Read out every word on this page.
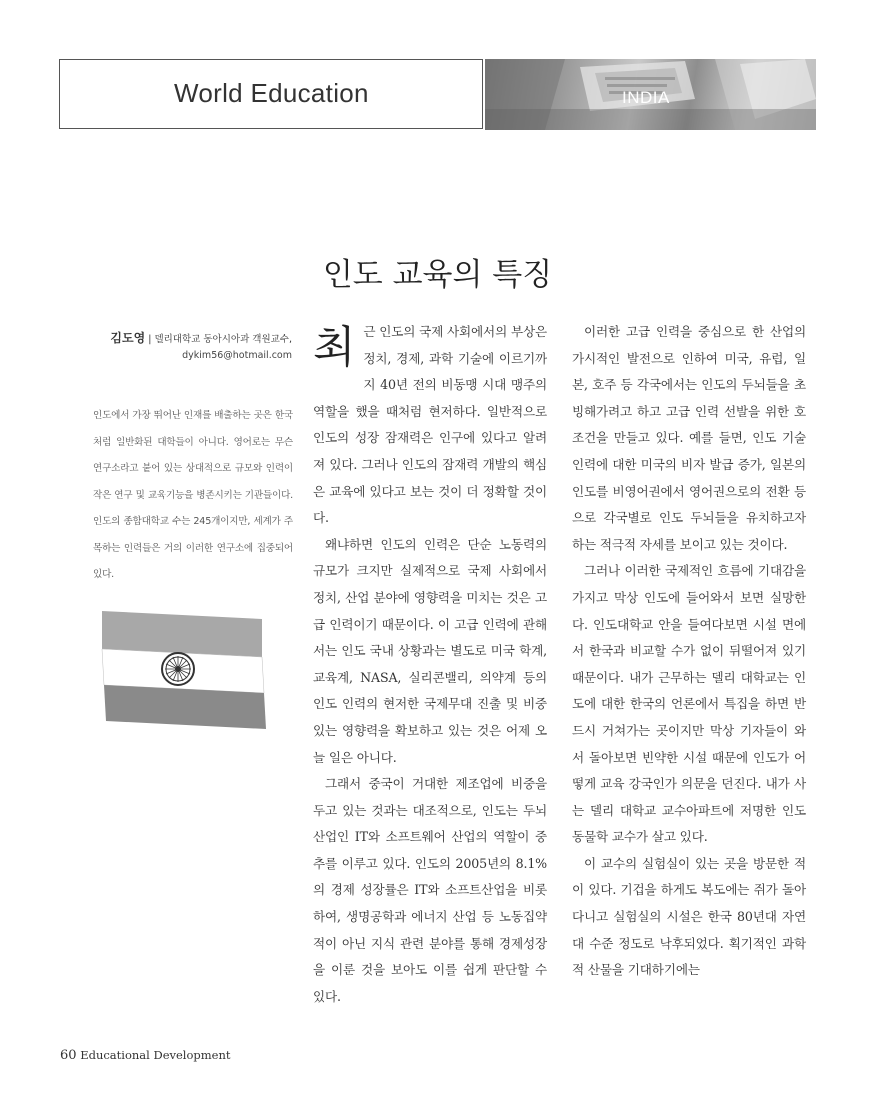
World Education	INDIA
인도 교육의 특징
김도영 | 델리대학교 동아시아과 객원교수,
dykim56@hotmail.com
인도에서 가장 뛰어난 인재를 배출하는 곳은 한국처럼 일반화된 대학들이 아니다. 영어로는 무슨 연구소라고 붙어 있는 상대적으로 규모와 인력이 작은 연구 및 교육기능을 병존시키는 기관들이다. 인도의 종합대학교 수는 245개이지만, 세계가 주목하는 인력들은 거의 이러한 연구소에 집중되어 있다.
최 근 인도의 국제 사회에서의 부상은 정치, 경제, 과학 기술에 이르기까지 40년 전의 비동맹 시대 맹주의 역할을 했을 때처럼 현저하다. 일반적으로 인도의 성장 잠재력은 인구에 있다고 알려져 있다. 그러나 인도의 잠재력 개발의 핵심은 교육에 있다고 보는 것이 더 정확할 것이다.

왜냐하면 인도의 인력은 단순 노동력의 규모가 크지만 실제적으로 국제 사회에서 정치, 산업 분야에 영향력을 미치는 것은 고급 인력이기 때문이다. 이 고급 인력에 관해서는 인도 국내 상황과는 별도로 미국 학계, 교육계, NASA, 실리콘밸리, 의약계 등의 인도 인력의 현저한 국제무대 진출 및 비중 있는 영향력을 확보하고 있는 것은 어제 오늘 일은 아니다.

그래서 중국이 거대한 제조업에 비중을 두고 있는 것과는 대조적으로, 인도는 두뇌산업인 IT와 소프트웨어 산업의 역할이 중추를 이루고 있다. 인도의 2005년의 8.1%의 경제 성장률은 IT와 소프트산업을 비롯하여, 생명공학과 에너지 산업 등 노동집약적이 아닌 지식 관련 분야를 통해 경제성장을 이룬 것을 보아도 이를 쉽게 판단할 수 있다.

이러한 고급 인력을 중심으로 한 산업의 가시적인 발전으로 인하여 미국, 유럽, 일본, 호주 등 각국에서는 인도의 두뇌들을 초빙해가려고 하고 고급 인력 선발을 위한 호조건을 만들고 있다. 예를 들면, 인도 기술 인력에 대한 미국의 비자 발급 증가, 일본의 인도를 비영어권에서 영어권으로의 전환 등으로 각국별로 인도 두뇌들을 유치하고자 하는 적극적 자세를 보이고 있는 것이다.

그러나 이러한 국제적인 흐름에 기대감을 가지고 막상 인도에 들어와서 보면 실망한다. 인도대학교 안을 들여다보면 시설 면에서 한국과 비교할 수가 없이 뒤떨어져 있기 때문이다. 내가 근무하는 델리 대학교는 인도에 대한 한국의 언론에서 특집을 하면 반드시 거쳐가는 곳이지만 막상 기자들이 와서 돌아보면 빈약한 시설 때문에 인도가 어떻게 교육 강국인가 의문을 던진다. 내가 사는 델리 대학교 교수아파트에 저명한 인도 동물학 교수가 살고 있다.

이 교수의 실험실이 있는 곳을 방문한 적이 있다. 기겁을 하게도 복도에는 쥐가 돌아다니고 실험실의 시설은 한국 80년대 자연대 수준 정도로 낙후되었다. 획기적인 과학적 산물을 기대하기에는

60 Educational Development
